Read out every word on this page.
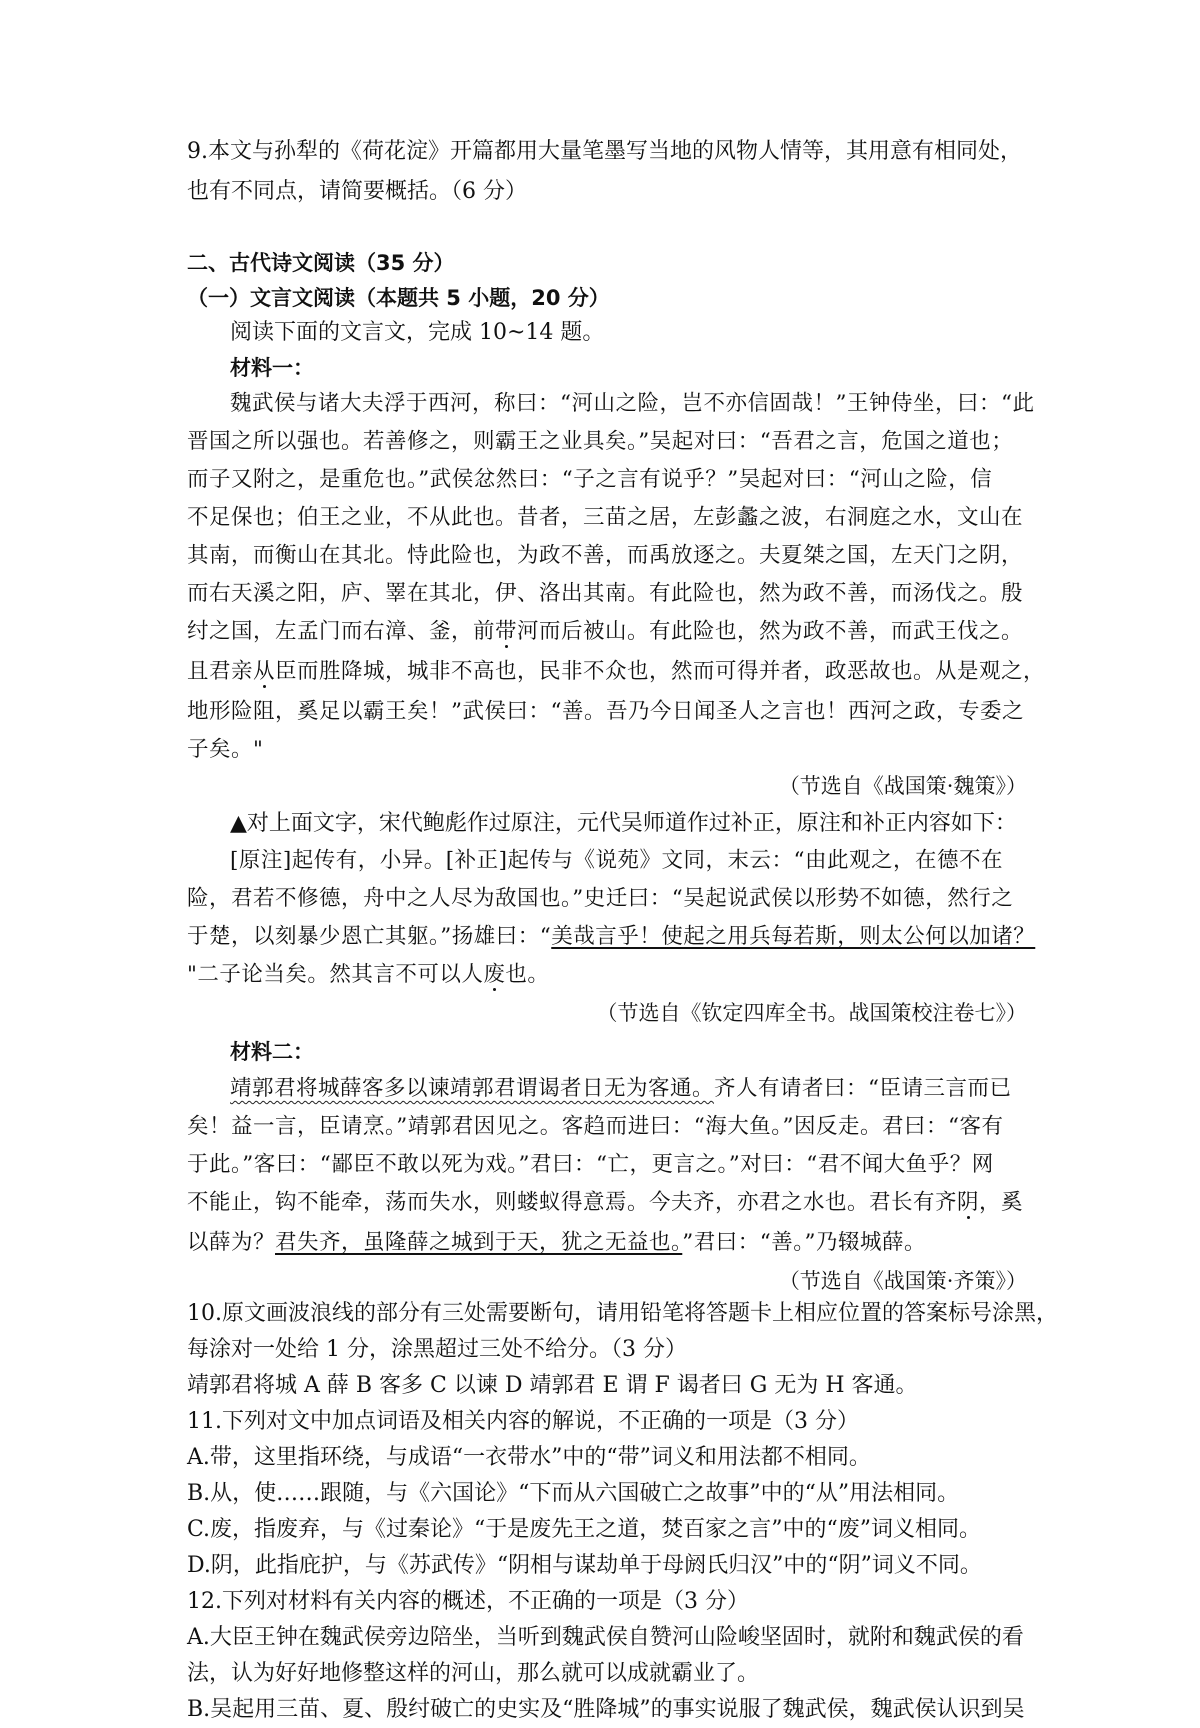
9.本文与孙犁的《荷花淀》开篇都用大量笔墨写当地的风物人情等，其用意有相同处，
也有不同点，请简要概括。（6 分）
二、古代诗文阅读（35 分）
（一）文言文阅读（本题共 5 小题，20 分）
阅读下面的文言文，完成 10~14 题。
材料一：
魏武侯与诸大夫浮于西河，称曰：“河山之险，岂不亦信固哉！”王钟侍坐，曰：“此
晋国之所以强也。若善修之，则霸王之业具矣。”吴起对曰：“吾君之言，危国之道也；
而子又附之，是重危也。”武侯忿然曰：“子之言有说乎？”吴起对曰：“河山之险，信
不足保也；伯王之业，不从此也。昔者，三苗之居，左彭蠡之波，右洞庭之水，文山在
其南，而衡山在其北。恃此险也，为政不善，而禹放逐之。夫夏桀之国，左天门之阴，
而右天溪之阳，庐、睪在其北，伊、洛出其南。有此险也，然为政不善，而汤伐之。殷
纣之国，左孟门而右漳、釜，前带河而后被山。有此险也，然为政不善，而武王伐之。
且君亲从臣而胜降城，城非不高也，民非不众也，然而可得并者，政恶故也。从是观之，
地形险阻，奚足以霸王矣！”武侯曰：“善。吾乃今日闻圣人之言也！西河之政，专委之
子矣。"
（节选自《战国策·魏策》）
▲对上面文字，宋代鲍彪作过原注，元代吴师道作过补正，原注和补正内容如下：
[原注]起传有，小异。[补正]起传与《说苑》文同，末云：“由此观之，在德不在
险，君若不修德，舟中之人尽为敌国也。”史迁曰：“吴起说武侯以形势不如德，然行之
于楚，以刻暴少恩亡其躯。”扬雄曰：“美哉言乎！使起之用兵每若斯，则太公何以加诸？
"二子论当矣。然其言不可以人废也。
（节选自《钦定四库全书。战国策校注卷七》）
材料二：
靖郭君将城薛客多以谏靖郭君谓谒者日无为客通。齐人有请者曰：“臣请三言而已
矣！益一言，臣请烹。”靖郭君因见之。客趋而进曰：“海大鱼。”因反走。君曰：“客有
于此。”客曰：“鄙臣不敢以死为戏。”君曰：“亡，更言之。”对曰：“君不闻大鱼乎？网
不能止，钩不能牵，荡而失水，则蝼蚁得意焉。今夫齐，亦君之水也。君长有齐阴，奚
以薛为？君失齐，虽隆薛之城到于天，犹之无益也。”君曰：“善。”乃辍城薛。
（节选自《战国策·齐策》）
10.原文画波浪线的部分有三处需要断句，请用铅笔将答题卡上相应位置的答案标号涂黑，
每涂对一处给 1 分，涂黑超过三处不给分。（3 分）
靖郭君将城 A 薛 B 客多 C 以谏 D 靖郭君 E 谓 F 谒者曰 G 无为 H 客通。
11.下列对文中加点词语及相关内容的解说，不正确的一项是（3 分）
A.带，这里指环绕，与成语“一衣带水”中的“带”词义和用法都不相同。
B.从，使……跟随，与《六国论》“下而从六国破亡之故事”中的“从”用法相同。
C.废，指废弃，与《过秦论》“于是废先王之道，焚百家之言”中的“废”词义相同。
D.阴，此指庇护，与《苏武传》“阴相与谋劫单于母阏氏归汉”中的“阴”词义不同。
12.下列对材料有关内容的概述，不正确的一项是（3 分）
A.大臣王钟在魏武侯旁边陪坐，当听到魏武侯自赞河山险峻坚固时，就附和魏武侯的看
法，认为好好地修整这样的河山，那么就可以成就霸业了。
B.吴起用三苗、夏、殷纣破亡的史实及“胜降城”的事实说服了魏武侯，魏武侯认识到吴
